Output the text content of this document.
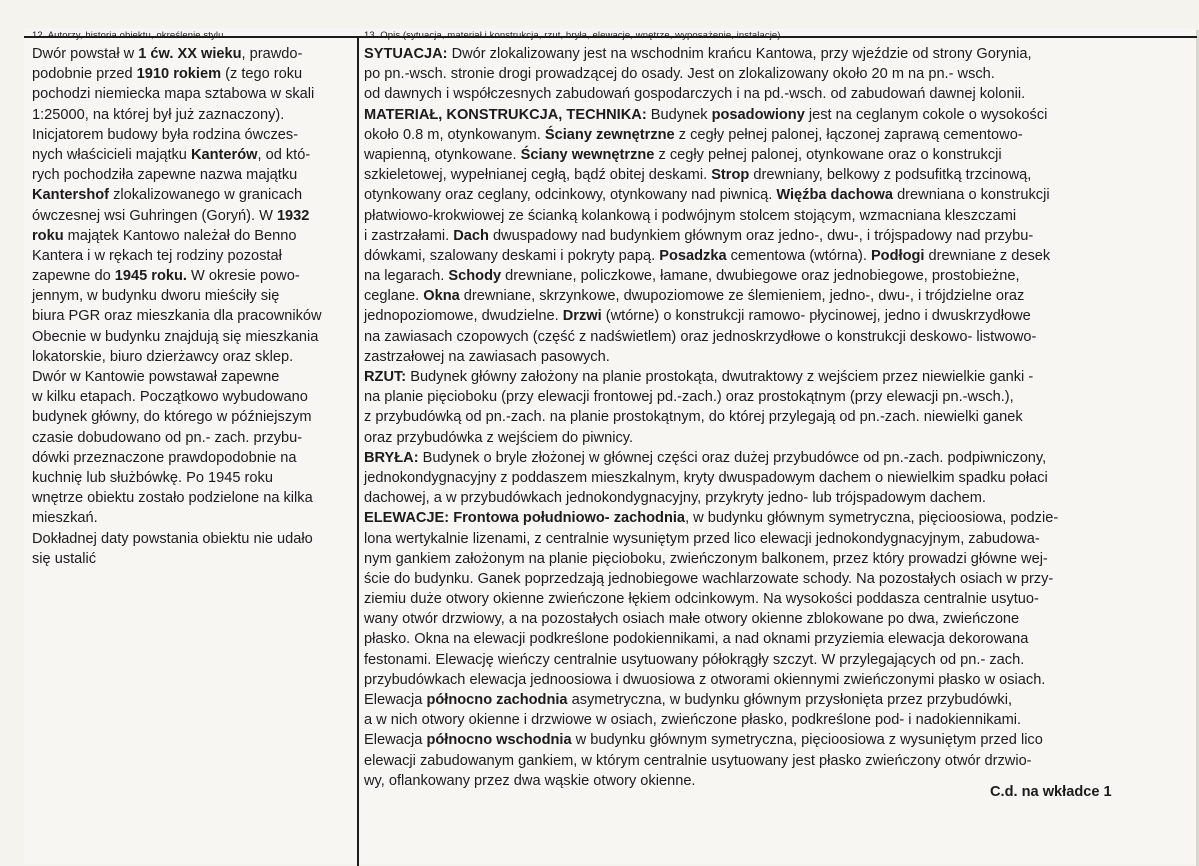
12. Autorzy, historia obiektu, określenie stylu	13. Opis (sytuacja, materiał i konstrukcja, rzut, bryła, elewacje, wnętrze, wyposażenie, instalacje)
Dwór powstał w 1 ćw. XX wieku, prawdo-
podobnie przed 1910 rokiem (z tego roku
pochodzi niemiecka mapa sztabowa w skali
1:25000, na której był już zaznaczony).
Inicjatorem budowy była rodzina ówczes-
nych właścicieli majątku Kanterów, od któ-
rych pochodziła zapewne nazwa majątku
Kantershof zlokalizowanego w granicach
ówczesnej wsi Guhringen (Goryń). W 1932
roku majątek Kantowo należał do Benno
Kantera i w rękach tej rodziny pozostał
zapewne do 1945 roku. W okresie powo-
jennym, w budynku dworu mieściły się
biura PGR oraz mieszkania dla pracowników
Obecnie w budynku znajdują się mieszkania
lokatorskie, biuro dzierżawcy oraz sklep.
Dwór w Kantowie powstawał zapewne
w kilku etapach. Początkowo wybudowano
budynek główny, do którego w późniejszym
czasie dobudowano od pn.- zach. przybu-
dówki przeznaczone prawdopodobnie na
kuchnię lub służbówkę. Po 1945 roku
wnętrze obiektu zostało podzielone na kilka
mieszkań.
Dokładnej daty powstania obiektu nie udało
się ustalić
SYTUACJA: Dwór zlokalizowany jest na wschodnim krańcu Kantowa, przy wjeździe od strony Gorynia,
po pn.-wsch. stronie drogi prowadzącej do osady. Jest on zlokalizowany około 20 m na pn.- wsch.
od dawnych i współczesnych zabudowań gospodarczych i na pd.-wsch. od zabudowań dawnej kolonii.
MATERIAŁ, KONSTRUKCJA, TECHNIKA: Budynek posadowiony jest na ceglanym cokole o wysokości
około 0.8 m, otynkowanym. Ściany zewnętrzne z cegły pełnej palonej, łączonej zaprawą cementowo-
wapienną, otynkowane. Ściany wewnętrzne z cegły pełnej palonej, otynkowane oraz o konstrukcji
szkieletowej, wypełnianej cegłą, bądź obitej deskami. Strop drewniany, belkowy z podsufitką trzcinową,
otynkowany oraz ceglany, odcinkowy, otynkowany nad piwnicą. Więźba dachowa drewniana o konstrukcji
płatwiowo-krokwiowej ze ścianką kolankową i podwójnym stolcem stojącym, wzmacniana kleszczami
i zastrzałami. Dach dwuspadowy nad budynkiem głównym oraz jedno-, dwu-, i trójspadowy nad przybu-
dówkami, szalowany deskami i pokryty papą. Posadzka cementowa (wtórna). Podłogi drewniane z desek
na legarach. Schody drewniane, policzkowe, łamane, dwubiegowe oraz jednobiegowe, prostobieżne,
ceglane. Okna drewniane, skrzynkowe, dwupoziomowe ze ślemieniem, jedno-, dwu-, i trójdzielne oraz
jednopoziomowe, dwudzielne. Drzwi (wtórne) o konstrukcji ramowo- płycinowej, jedno i dwuskrzydłowe
na zawiasach czopowych (część z nadświetlem) oraz jednoskrzydłowe o konstrukcji deskowo- listwowo-
zastrzałowej na zawiasach pasowych.
RZUT: Budynek główny założony na planie prostokąta, dwutraktowy z wejściem przez niewielkie ganki -
na planie pięcioboku (przy elewacji frontowej pd.-zach.) oraz prostokątnym (przy elewacji pn.-wsch.),
z przybudówką od pn.-zach. na planie prostokątnym, do której przylegają od pn.-zach. niewielki ganek
oraz przybudówka z wejściem do piwnicy.
BRYŁA: Budynek o bryle złożonej w głównej części oraz dużej przybudówce od pn.-zach. podpiwniczony,
jednokondygnacyjny z poddaszem mieszkalnym, kryty dwuspadowym dachem o niewielkim spadku połaci
dachowej, a w przybudówkach jednokondygnacyjny, przykryty jedno- lub trójspadowym dachem.
ELEWACJE: Frontowa południowo- zachodnia, w budynku głównym symetryczna, pięcioosiowa, podzie-
lona wertykalnie lizenami, z centralnie wysuniętym przed lico elewacji jednokondygnacyjnym, zabudowa-
nym gankiem założonym na planie pięcioboku, zwieńczonym balkonem, przez który prowadzi główne wej-
ście do budynku. Ganek poprzedzają jednobiegowe wachlarzowate schody. Na pozostałych osiach w przy-
ziemiu duże otwory okienne zwieńczone łękiem odcinkowym. Na wysokości poddasza centralnie usytuo-
wany otwór drzwiowy, a na pozostałych osiach małe otwory okienne zblokowane po dwa, zwieńczone
płasko. Okna na elewacji podkreślone podokiennikami, a nad oknami przyziemia elewacja dekorowana
festonami. Elewację wieńczy centralnie usytuowany półokrągły szczyt. W przylegających od pn.- zach.
przybudówkach elewacja jednoosiowa i dwuosiowa z otworami okiennymi zwieńczonymi płasko w osiach.
Elewacja północno zachodnia asymetryczna, w budynku głównym przysłonięta przez przybudówki,
a w nich otwory okienne i drzwiowe w osiach, zwieńczone płasko, podkreślone pod- i nadokiennikami.
Elewacja północno wschodnia w budynku głównym symetryczna, pięcioosiowa z wysuniętym przed lico
elewacji zabudowanym gankiem, w którym centralnie usytuowany jest płasko zwieńczony otwór drzwio-
wy, oflankowany przez dwa wąskie otwory okienne.
C.d. na wkładce 1
